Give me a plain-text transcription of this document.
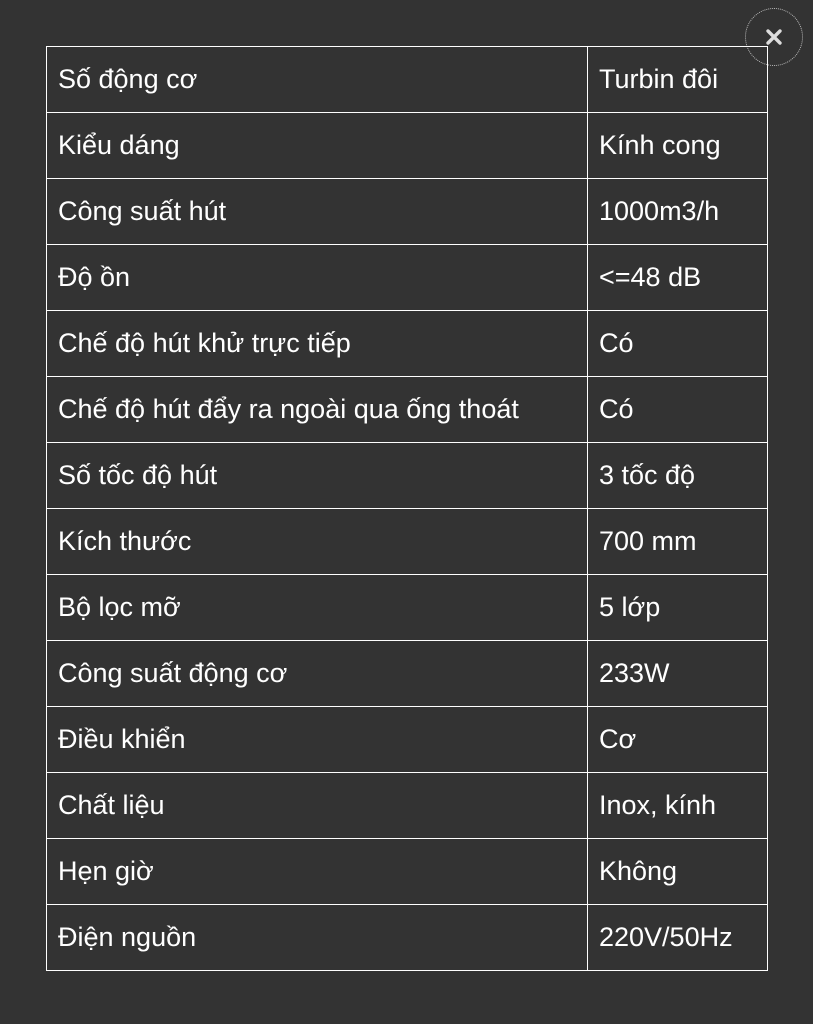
Số động cơ	Turbin đôi
Kiểu dáng	Kính cong
Công suất hút	1000m3/h
Độ ồn	<=48 dB
Chế độ hút khử trực tiếp	Có
Chế độ hút đẩy ra ngoài qua ống thoát	Có
Số tốc độ hút	3 tốc độ
Kích thước	700 mm
Bộ lọc mỡ	5 lớp
Công suất động cơ	233W
Điều khiển	Cơ
Chất liệu	Inox, kính
Hẹn giờ	Không
Điện nguồn	220V/50Hz
